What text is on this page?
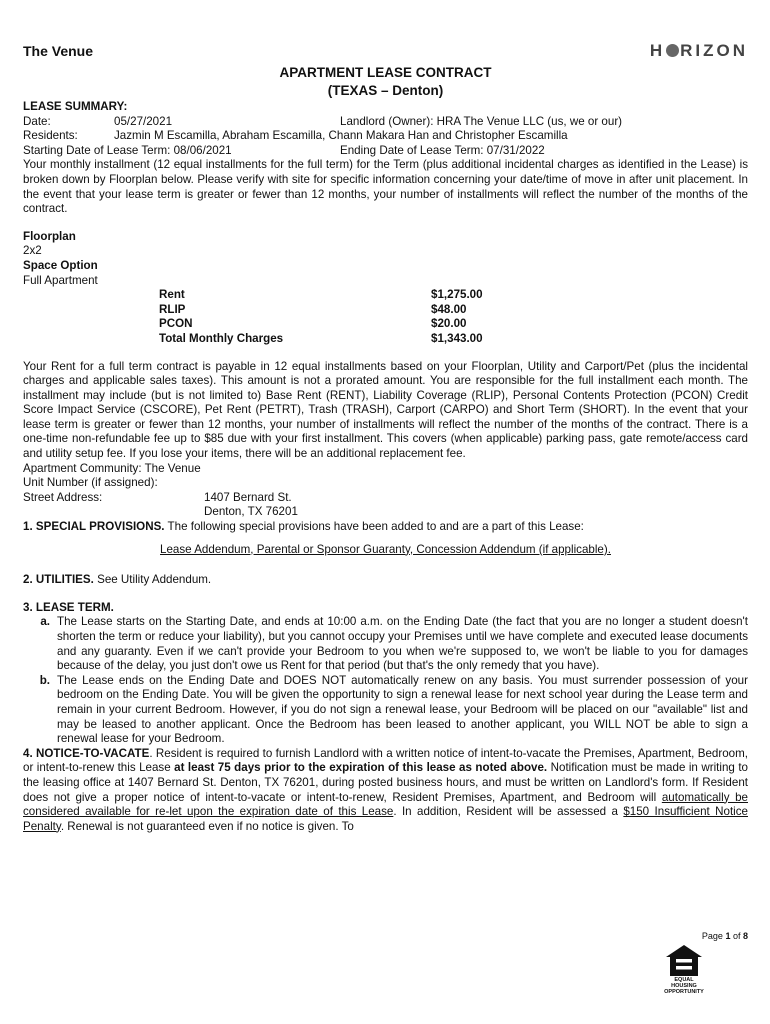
The Venue	H RIZON
APARTMENT LEASE CONTRACT
(TEXAS – Denton)

LEASE SUMMARY:

Date:	05/27/2021	Landlord (Owner): HRA The Venue LLC (us, we or our)
Residents:	Jazmin M Escamilla, Abraham Escamilla, Chann Makara Han and Christopher Escamilla
Starting Date of Lease Term: 08/06/2021	Ending Date of Lease Term: 07/31/2022

Your monthly installment (12 equal installments for the full term) for the Term (plus additional incidental charges as identified in the Lease) is broken down by Floorplan below. Please verify with site for specific information concerning your date/time of move in after unit placement. In the event that your lease term is greater or fewer than 12 months, your number of installments will reflect the number of the months of the contract.

Floorplan

2x2

Space Option

Full Apartment

Rent	$1,275.00
RLIP	$48.00
PCON	$20.00
Total Monthly Charges	$1,343.00

Your Rent for a full term contract is payable in 12 equal installments based on your Floorplan, Utility and Carport/Pet (plus the incidental charges and applicable sales taxes). This amount is not a prorated amount. You are responsible for the full installment each month. The installment may include (but is not limited to) Base Rent (RENT), Liability Coverage (RLIP), Personal Contents Protection (PCON) Credit Score Impact Service (CSCORE), Pet Rent (PETRT), Trash (TRASH), Carport (CARPO) and Short Term (SHORT). In the event that your lease term is greater or fewer than 12 months, your number of installments will reflect the number of the months of the contract. There is a one-time non-refundable fee up to $85 due with your first installment. This covers (when applicable) parking pass, gate remote/access card and utility setup fee. If you lose your items, there will be an additional replacement fee.

Apartment Community: The Venue

Unit Number (if assigned):

Street Address:	1407 Bernard St.

Denton, TX 76201

1. SPECIAL PROVISIONS. The following special provisions have been added to and are a part of this Lease:

Lease Addendum, Parental or Sponsor Guaranty, Concession Addendum (if applicable).

2. UTILITIES. See Utility Addendum.

3. LEASE TERM.

a. The Lease starts on the Starting Date, and ends at 10:00 a.m. on the Ending Date (the fact that you are no longer a student doesn't shorten the term or reduce your liability), but you cannot occupy your Premises until we have complete and executed lease documents and any guaranty. Even if we can't provide your Bedroom to you when we're supposed to, we won't be liable to you for damages because of the delay, you just don't owe us Rent for that period (but that's the only remedy that you have).
b. The Lease ends on the Ending Date and DOES NOT automatically renew on any basis. You must surrender possession of your bedroom on the Ending Date. You will be given the opportunity to sign a renewal lease for next school year during the Lease term and remain in your current Bedroom. However, if you do not sign a renewal lease, your Bedroom will be placed on our "available" list and may be leased to another applicant. Once the Bedroom has been leased to another applicant, you WILL NOT be able to sign a renewal lease for your Bedroom.

4. NOTICE-TO-VACATE. Resident is required to furnish Landlord with a written notice of intent-to-vacate the Premises, Apartment, Bedroom, or intent-to-renew this Lease at least 75 days prior to the expiration of this lease as noted above. Notification must be made in writing to the leasing office at 1407 Bernard St. Denton, TX 76201, during posted business hours, and must be written on Landlord's form. If Resident does not give a proper notice of intent-to-vacate or intent-to-renew, Resident Premises, Apartment, and Bedroom will automatically be considered available for re-let upon the expiration date of this Lease. In addition, Resident will be assessed a $150 Insufficient Notice Penalty. Renewal is not guaranteed even if no notice is given. To

Page 1 of 8
EQUAL HOUSING
OPPORTUNITY
